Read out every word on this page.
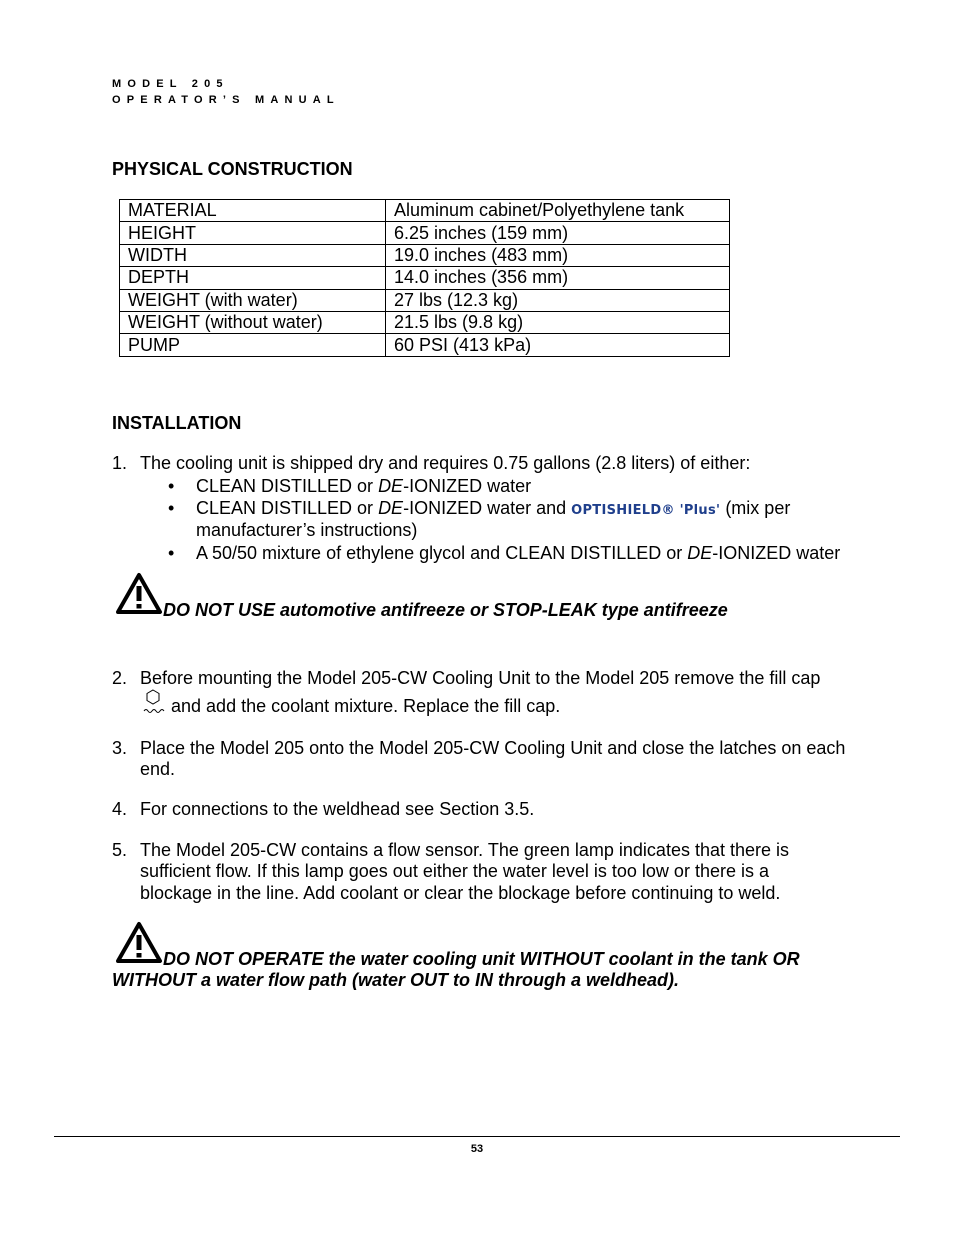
MODEL 205
OPERATOR’S MANUAL
PHYSICAL CONSTRUCTION
MATERIAL	Aluminum cabinet/Polyethylene tank
HEIGHT	6.25 inches (159 mm)
WIDTH	19.0 inches (483 mm)
DEPTH	14.0 inches (356 mm)
WEIGHT (with water)	27 lbs (12.3 kg)
WEIGHT (without water)	21.5 lbs (9.8 kg)
PUMP	60 PSI (413 kPa)
INSTALLATION
1. The cooling unit is shipped dry and requires 0.75 gallons (2.8 liters) of either:
• CLEAN DISTILLED or DE-IONIZED water
• CLEAN DISTILLED or DE-IONIZED water and OPTISHIELD® 'Plus' (mix per
manufacturer’s instructions)
• A 50/50 mixture of ethylene glycol and CLEAN DISTILLED or DE-IONIZED water
DO NOT USE automotive antifreeze or STOP-LEAK type antifreeze
2. Before mounting the Model 205-CW Cooling Unit to the Model 205 remove the fill cap
and add the coolant mixture. Replace the fill cap.
3. Place the Model 205 onto the Model 205-CW Cooling Unit and close the latches on each
end.
4. For connections to the weldhead see Section 3.5.
5. The Model 205-CW contains a flow sensor. The green lamp indicates that there is
sufficient flow. If this lamp goes out either the water level is too low or there is a
blockage in the line. Add coolant or clear the blockage before continuing to weld.
DO NOT OPERATE the water cooling unit WITHOUT coolant in the tank OR
WITHOUT a water flow path (water OUT to IN through a weldhead).
53
